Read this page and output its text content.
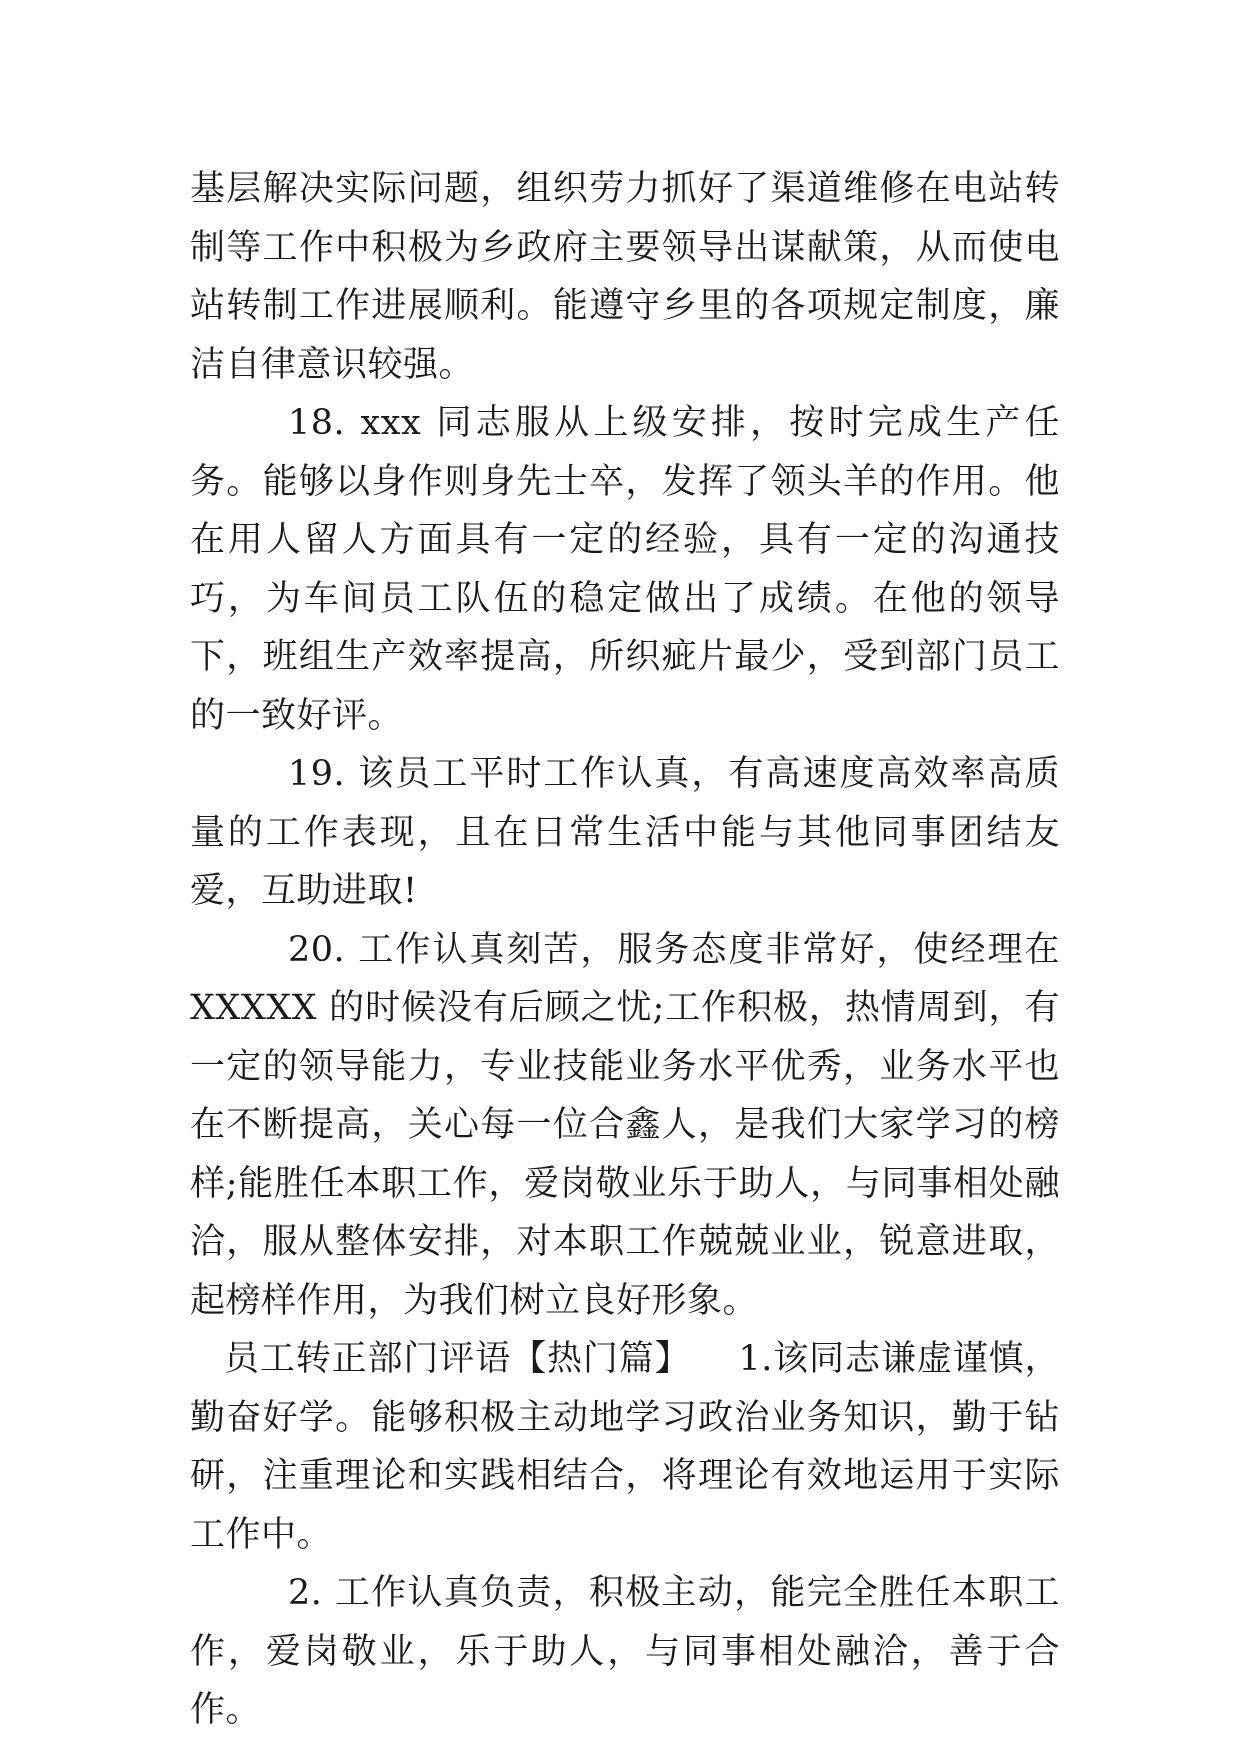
基层解决实际问题，组织劳力抓好了渠道维修在电站转制等工作中积极为乡政府主要领导出谋献策，从而使电站转制工作进展顺利。能遵守乡里的各项规定制度，廉洁自律意识较强。

18. xxx 同志服从上级安排，按时完成生产任务。能够以身作则身先士卒，发挥了领头羊的作用。他在用人留人方面具有一定的经验，具有一定的沟通技巧，为车间员工队伍的稳定做出了成绩。在他的领导下，班组生产效率提高，所织疵片最少，受到部门员工的一致好评。

19. 该员工平时工作认真，有高速度高效率高质量的工作表现，且在日常生活中能与其他同事团结友爱，互助进取!

20. 工作认真刻苦，服务态度非常好，使经理在 XXXXX 的时候没有后顾之忧;工作积极，热情周到，有一定的领导能力，专业技能业务水平优秀，业务水平也在不断提高，关心每一位合鑫人，是我们大家学习的榜样;能胜任本职工作，爱岗敬业乐于助人，与同事相处融洽，服从整体安排，对本职工作兢兢业业，锐意进取，起榜样作用，为我们树立良好形象。

员工转正部门评语【热门篇】 1.该同志谦虚谨慎，勤奋好学。能够积极主动地学习政治业务知识，勤于钻研，注重理论和实践相结合，将理论有效地运用于实际工作中。

2. 工作认真负责，积极主动，能完全胜任本职工作，爱岗敬业，乐于助人，与同事相处融洽，善于合作。
